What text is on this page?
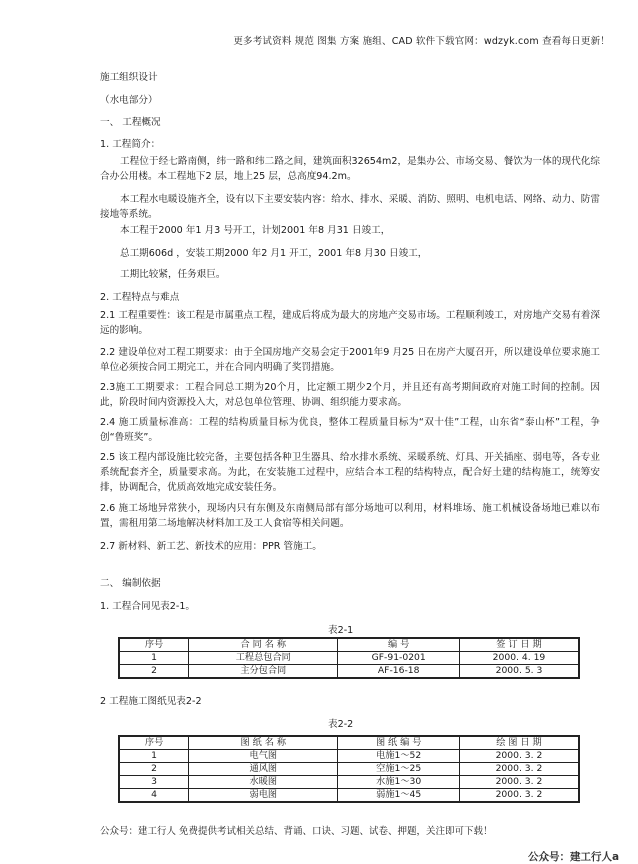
更多考试资料 规范 图集 方案 施组、CAD 软件下载官网：wdzyk.com 查看每日更新！
施工组织设计
（水电部分）
一、 工程概况
1. 工程简介：
工程位于经七路南侧，纬一路和纬二路之间，建筑面积32654m2，是集办公、市场交易、餐饮为一体的现代化综合办公用楼。本工程地下2 层，地上25 层，总高度94.2m。
本工程水电暖设施齐全，设有以下主要安装内容：给水、排水、采暖、消防、照明、电机电话、网络、动力、防雷接地等系统。
本工程于2000 年1 月3 号开工，计划2001 年8 月31 日竣工，
总工期606d ，安装工期2000 年2 月1 开工，2001 年8 月30 日竣工，
工期比较紧，任务艰巨。
2. 工程特点与难点
2.1 工程重要性：该工程是市属重点工程，建成后将成为最大的房地产交易市场。工程顺利竣工，对房地产交易有着深远的影响。
2.2 建设单位对工程工期要求：由于全国房地产交易会定于2001年9 月25 日在房产大厦召开，所以建设单位要求施工单位必须按合同工期完工，并在合同内明确了奖罚措施。
2.3施工工期要求：工程合同总工期为20个月，比定额工期少2个月，并且还有高考期间政府对施工时间的控制。因此，阶段时间内资源投入大，对总包单位管理、协调、组织能力要求高。
2.4 施工质量标准高：工程的结构质量目标为优良，整体工程质量目标为“双十佳”工程，山东省“泰山杯”工程，争创“鲁班奖”。
2.5 该工程内部设施比较完备，主要包括各种卫生器具、给水排水系统、采暖系统、灯具、开关插座、弱电等，各专业系统配套齐全，质量要求高。为此，在安装施工过程中，应结合本工程的结构特点，配合好土建的结构施工，统筹安排，协调配合，优质高效地完成安装任务。
2.6 施工场地异常狭小，现场内只有东侧及东南侧局部有部分场地可以利用，材料堆场、施工机械设备场地已难以布置，需租用第二场地解决材料加工及工人食宿等相关问题。
2.7 新材料、新工艺、新技术的应用：PPR 管施工。
二、 编制依据
1. 工程合同见表2-1。
表2-1
序号	合 同 名 称	编 号	签 订 日 期
1	工程总包合同	GF-91-0201	2000. 4. 19
2	主分包合同	AF-16-18	2000. 5. 3
2 工程施工图纸见表2-2
表2-2
序号	图 纸 名 称	图 纸 编 号	绘 图 日 期
1	电气图	电施1～52	2000. 3. 2
2	通风图	空施1～25	2000. 3. 2
3	水暖图	水施1～30	2000. 3. 2
4	弱电图	弱施1～45	2000. 3. 2
公众号：建工行人 免费提供考试相关总结、背诵、口诀、习题、试卷、押题，关注即可下载！
公众号：建工行人a
